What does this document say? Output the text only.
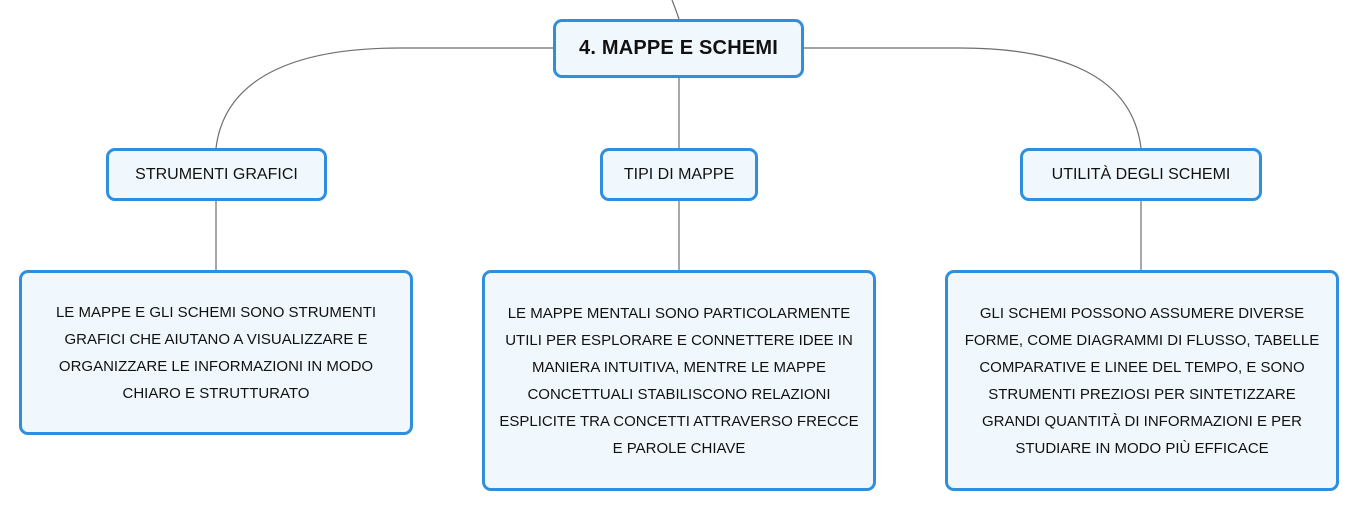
4. MAPPE E SCHEMI
STRUMENTI GRAFICI	TIPI DI MAPPE	UTILITÀ DEGLI SCHEMI
LE MAPPE E GLI SCHEMI SONO STRUMENTI GRAFICI CHE AIUTANO A VISUALIZZARE E ORGANIZZARE LE INFORMAZIONI IN MODO CHIARO E STRUTTURATO
LE MAPPE MENTALI SONO PARTICOLARMENTE UTILI PER ESPLORARE E CONNETTERE IDEE IN MANIERA INTUITIVA, MENTRE LE MAPPE CONCETTUALI STABILISCONO RELAZIONI ESPLICITE TRA CONCETTI ATTRAVERSO FRECCE E PAROLE CHIAVE
GLI SCHEMI POSSONO ASSUMERE DIVERSE FORME, COME DIAGRAMMI DI FLUSSO, TABELLE COMPARATIVE E LINEE DEL TEMPO, E SONO STRUMENTI PREZIOSI PER SINTETIZZARE GRANDI QUANTITÀ DI INFORMAZIONI E PER STUDIARE IN MODO PIÙ EFFICACE
